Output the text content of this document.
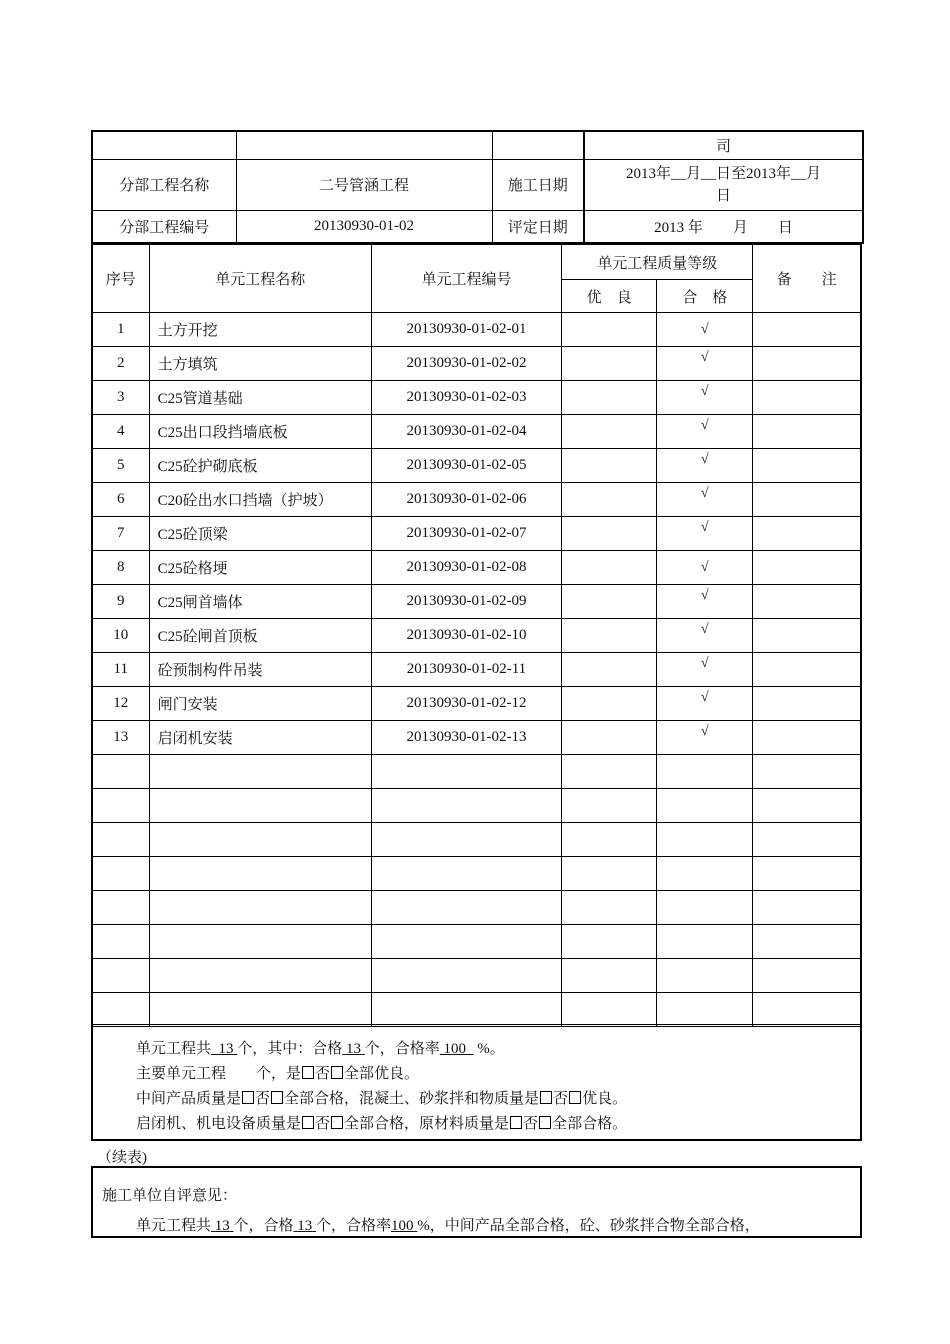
			司
分部工程名称	二号管涵工程	施工日期	2013年__月__日至2013年__月
日

分部工程编号	20130930-01-02	评定日期	2013 年　　月　　日
序号	单元工程名称	单元工程编号	单元工程质量等级		备　　注
			优　良	合　格	
1	土方开挖	20130930-01-02-01		√	
2	土方填筑	20130930-01-02-02		√	
3	C25管道基础	20130930-01-02-03		√	
4	C25出口段挡墙底板	20130930-01-02-04		√	
5	C25砼护砌底板	20130930-01-02-05		√	
6	C20砼出水口挡墙（护坡）	20130930-01-02-06		√	
7	C25砼顶梁	20130930-01-02-07		√	
8	C25砼格埂	20130930-01-02-08		√	
9	C25闸首墙体	20130930-01-02-09		√	
10	C25砼闸首顶板	20130930-01-02-10		√	
11	砼预制构件吊装	20130930-01-02-11		√	
12	闸门安装	20130930-01-02-12		√	
13	启闭机安装	20130930-01-02-13		√	

单元工程共 13 个，其中：合格 13 个，合格率 100 %。

主要单元工程　　个，是 否 全部优良。

中间产品质量是 否 全部合格，混凝土、砂浆拌和物质量是 否 优良。

启闭机、机电设备质量是 否 全部合格，原材料质量是 否 全部合格。

（续表)
施工单位自评意见：
单元工程共 13 个，合格 13 个，合格率100 %，中间产品全部合格，砼、砂浆拌合物全部合格，
